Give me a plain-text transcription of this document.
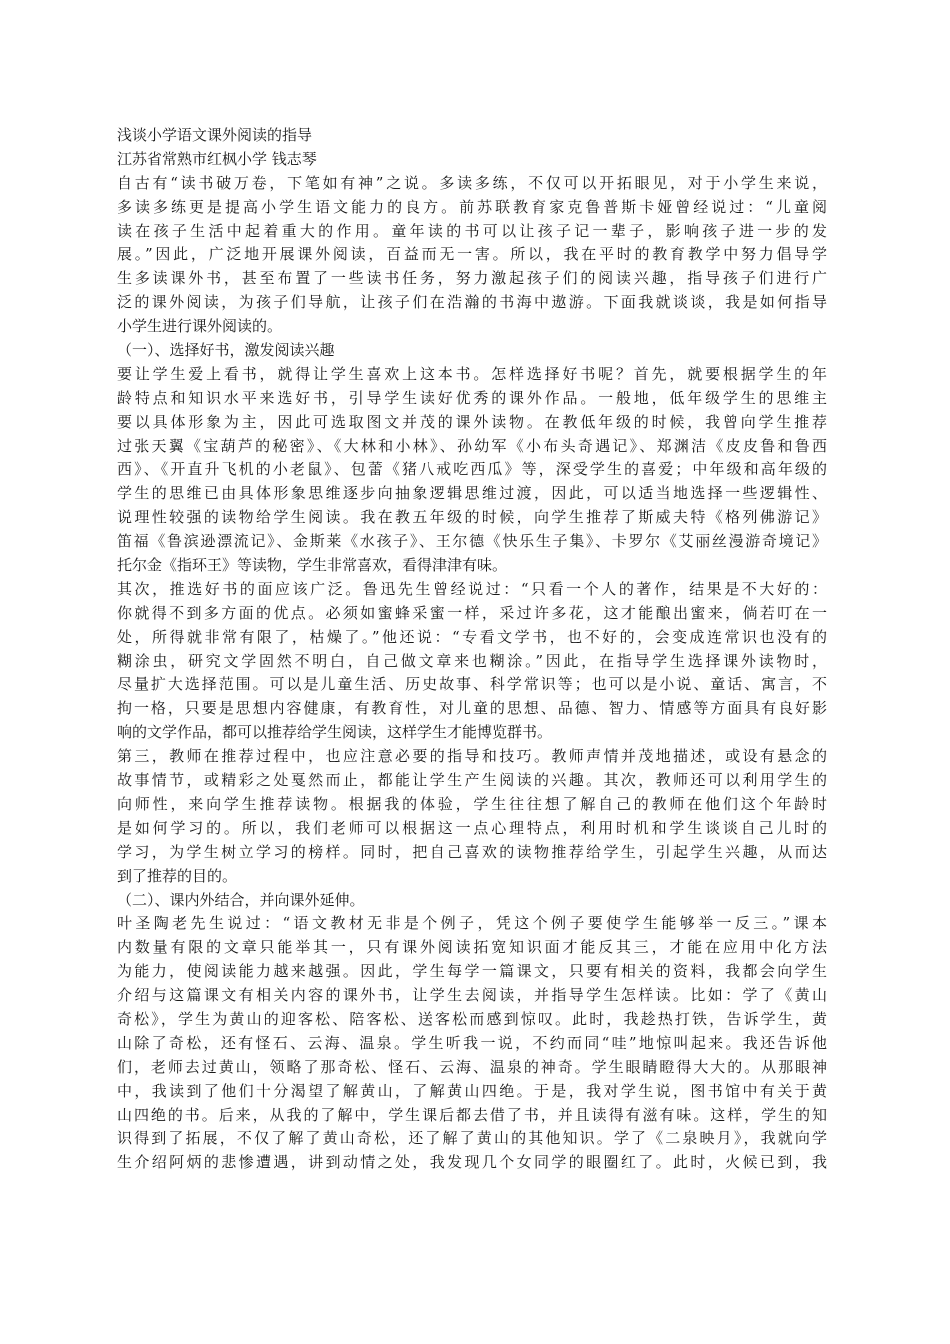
浅谈小学语文课外阅读的指导
江苏省常熟市红枫小学 钱志琴
自古有“读书破万卷，下笔如有神”之说。多读多练，不仅可以开拓眼见，对于小学生来说，
多读多练更是提高小学生语文能力的良方。前苏联教育家克鲁普斯卡娅曾经说过：“儿童阅
读在孩子生活中起着重大的作用。童年读的书可以让孩子记一辈子，影响孩子进一步的发
展。”因此，广泛地开展课外阅读，百益而无一害。所以，我在平时的教育教学中努力倡导学
生多读课外书，甚至布置了一些读书任务，努力激起孩子们的阅读兴趣，指导孩子们进行广
泛的课外阅读，为孩子们导航，让孩子们在浩瀚的书海中遨游。下面我就谈谈，我是如何指导
小学生进行课外阅读的。
（一）、选择好书，激发阅读兴趣
要让学生爱上看书，就得让学生喜欢上这本书。怎样选择好书呢？首先，就要根据学生的年
龄特点和知识水平来选好书，引导学生读好优秀的课外作品。一般地，低年级学生的思维主
要以具体形象为主，因此可选取图文并茂的课外读物。在教低年级的时候，我曾向学生推荐
过张天翼《宝葫芦的秘密》、《大林和小林》、孙幼军《小布头奇遇记》、郑渊洁《皮皮鲁和鲁西
西》、《开直升飞机的小老鼠》、包蕾《猪八戒吃西瓜》等，深受学生的喜爱；中年级和高年级的
学生的思维已由具体形象思维逐步向抽象逻辑思维过渡，因此，可以适当地选择一些逻辑性、
说理性较强的读物给学生阅读。我在教五年级的时候，向学生推荐了斯威夫特《格列佛游记》
笛福《鲁滨逊漂流记》、金斯莱《水孩子》、王尔德《快乐生子集》、卡罗尔《艾丽丝漫游奇境记》
托尔金《指环王》等读物，学生非常喜欢，看得津津有味。
其次，推选好书的面应该广泛。鲁迅先生曾经说过：“只看一个人的著作，结果是不大好的：
你就得不到多方面的优点。必须如蜜蜂采蜜一样，采过许多花，这才能酿出蜜来，倘若叮在一
处，所得就非常有限了，枯燥了。”他还说：“专看文学书，也不好的，会变成连常识也没有的
糊涂虫，研究文学固然不明白，自己做文章来也糊涂。”因此，在指导学生选择课外读物时，
尽量扩大选择范围。可以是儿童生活、历史故事、科学常识等；也可以是小说、童话、寓言，不
拘一格，只要是思想内容健康，有教育性，对儿童的思想、品德、智力、情感等方面具有良好影
响的文学作品，都可以推荐给学生阅读，这样学生才能博览群书。
第三，教师在推荐过程中，也应注意必要的指导和技巧。教师声情并茂地描述，或设有悬念的
故事情节，或精彩之处戛然而止，都能让学生产生阅读的兴趣。其次，教师还可以利用学生的
向师性，来向学生推荐读物。根据我的体验，学生往往想了解自己的教师在他们这个年龄时
是如何学习的。所以，我们老师可以根据这一点心理特点，利用时机和学生谈谈自己儿时的
学习，为学生树立学习的榜样。同时，把自己喜欢的读物推荐给学生，引起学生兴趣，从而达
到了推荐的目的。
（二）、课内外结合，并向课外延伸。
叶圣陶老先生说过：“语文教材无非是个例子，凭这个例子要使学生能够举一反三。”课本
内数量有限的文章只能举其一，只有课外阅读拓宽知识面才能反其三，才能在应用中化方法
为能力，使阅读能力越来越强。因此，学生每学一篇课文，只要有相关的资料，我都会向学生
介绍与这篇课文有相关内容的课外书，让学生去阅读，并指导学生怎样读。比如：学了《黄山
奇松》，学生为黄山的迎客松、陪客松、送客松而感到惊叹。此时，我趁热打铁，告诉学生，黄
山除了奇松，还有怪石、云海、温泉。学生听我一说，不约而同“哇”地惊叫起来。我还告诉他
们，老师去过黄山，领略了那奇松、怪石、云海、温泉的神奇。学生眼睛瞪得大大的。从那眼神
中，我读到了他们十分渴望了解黄山，了解黄山四绝。于是，我对学生说，图书馆中有关于黄
山四绝的书。后来，从我的了解中，学生课后都去借了书，并且读得有滋有味。这样，学生的知
识得到了拓展，不仅了解了黄山奇松，还了解了黄山的其他知识。学了《二泉映月》，我就向学
生介绍阿炳的悲惨遭遇，讲到动情之处，我发现几个女同学的眼圈红了。此时，火候已到，我
